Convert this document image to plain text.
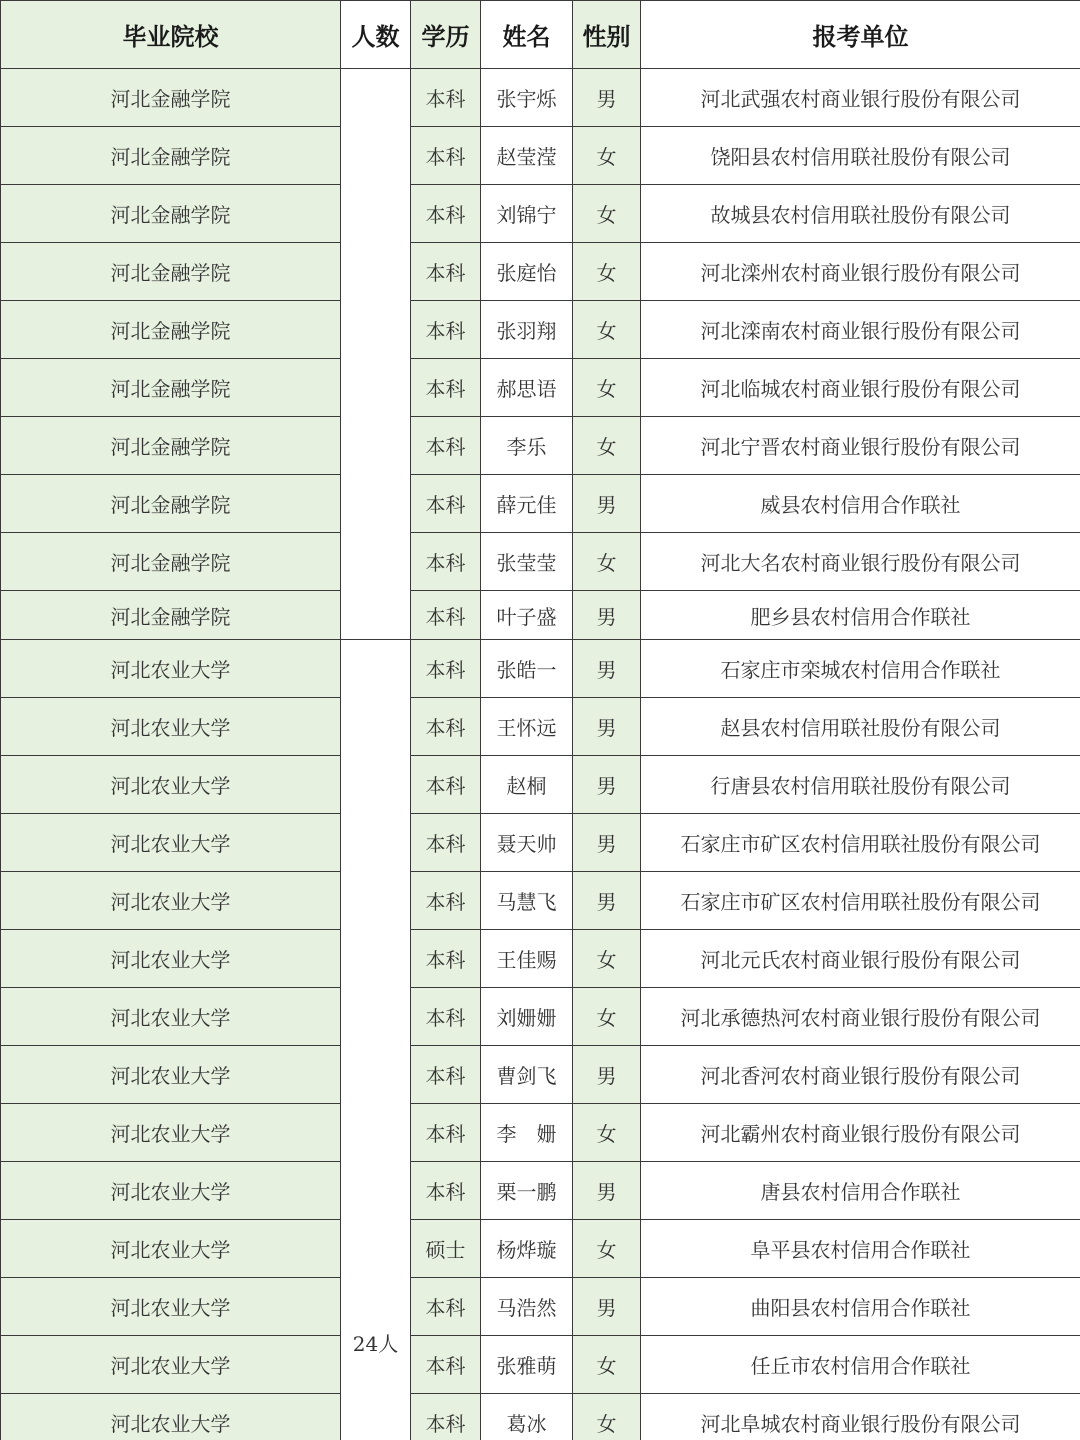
毕业院校	人数	学历	姓名	性别	报考单位
河北金融学院		本科	张宇烁	男	河北武强农村商业银行股份有限公司
河北金融学院		本科	赵莹滢	女	饶阳县农村信用联社股份有限公司
河北金融学院		本科	刘锦宁	女	故城县农村信用联社股份有限公司
河北金融学院		本科	张庭怡	女	河北滦州农村商业银行股份有限公司
河北金融学院		本科	张羽翔	女	河北滦南农村商业银行股份有限公司
河北金融学院		本科	郝思语	女	河北临城农村商业银行股份有限公司
河北金融学院		本科	李乐	女	河北宁晋农村商业银行股份有限公司
河北金融学院		本科	薛元佳	男	威县农村信用合作联社
河北金融学院		本科	张莹莹	女	河北大名农村商业银行股份有限公司
河北金融学院		本科	叶子盛	男	肥乡县农村信用合作联社
河北农业大学	24人	本科	张皓一	男	石家庄市栾城农村信用合作联社
河北农业大学		本科	王怀远	男	赵县农村信用联社股份有限公司
河北农业大学		本科	赵桐	男	行唐县农村信用联社股份有限公司
河北农业大学		本科	聂天帅	男	石家庄市矿区农村信用联社股份有限公司
河北农业大学		本科	马慧飞	男	石家庄市矿区农村信用联社股份有限公司
河北农业大学		本科	王佳赐	女	河北元氏农村商业银行股份有限公司
河北农业大学		本科	刘姗姗	女	河北承德热河农村商业银行股份有限公司
河北农业大学		本科	曹剑飞	男	河北香河农村商业银行股份有限公司
河北农业大学		本科	李　姗	女	河北霸州农村商业银行股份有限公司
河北农业大学		本科	栗一鹏	男	唐县农村信用合作联社
河北农业大学		硕士	杨烨璇	女	阜平县农村信用合作联社
河北农业大学		本科	马浩然	男	曲阳县农村信用合作联社
河北农业大学		本科	张雅萌	女	任丘市农村信用合作联社
河北农业大学		本科	葛冰	女	河北阜城农村商业银行股份有限公司
